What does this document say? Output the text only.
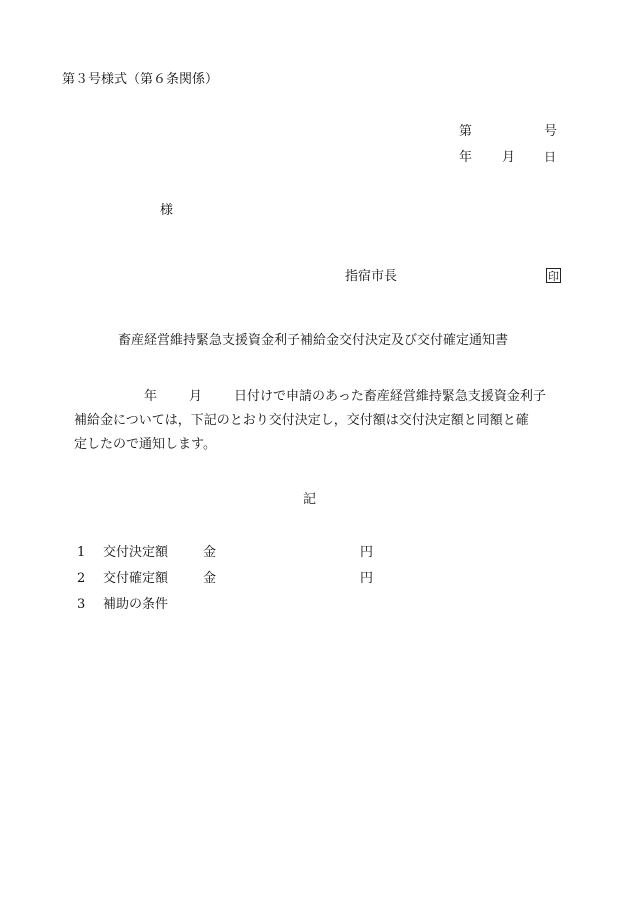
第３号様式（第６条関係）
第	号
年 月 日
様
指宿市長	印
畜産経営維持緊急支援資金利子補給金交付決定及び交付確定通知書

年 月 日付けで申請のあった畜産経営維持緊急支援資金利子
補給金については，下記のとおり交付決定し，交付額は交付決定額と同額と確
定したので通知します。

記
1 交付決定額	金	円
2 交付確定額	金	円
3 補助の条件
